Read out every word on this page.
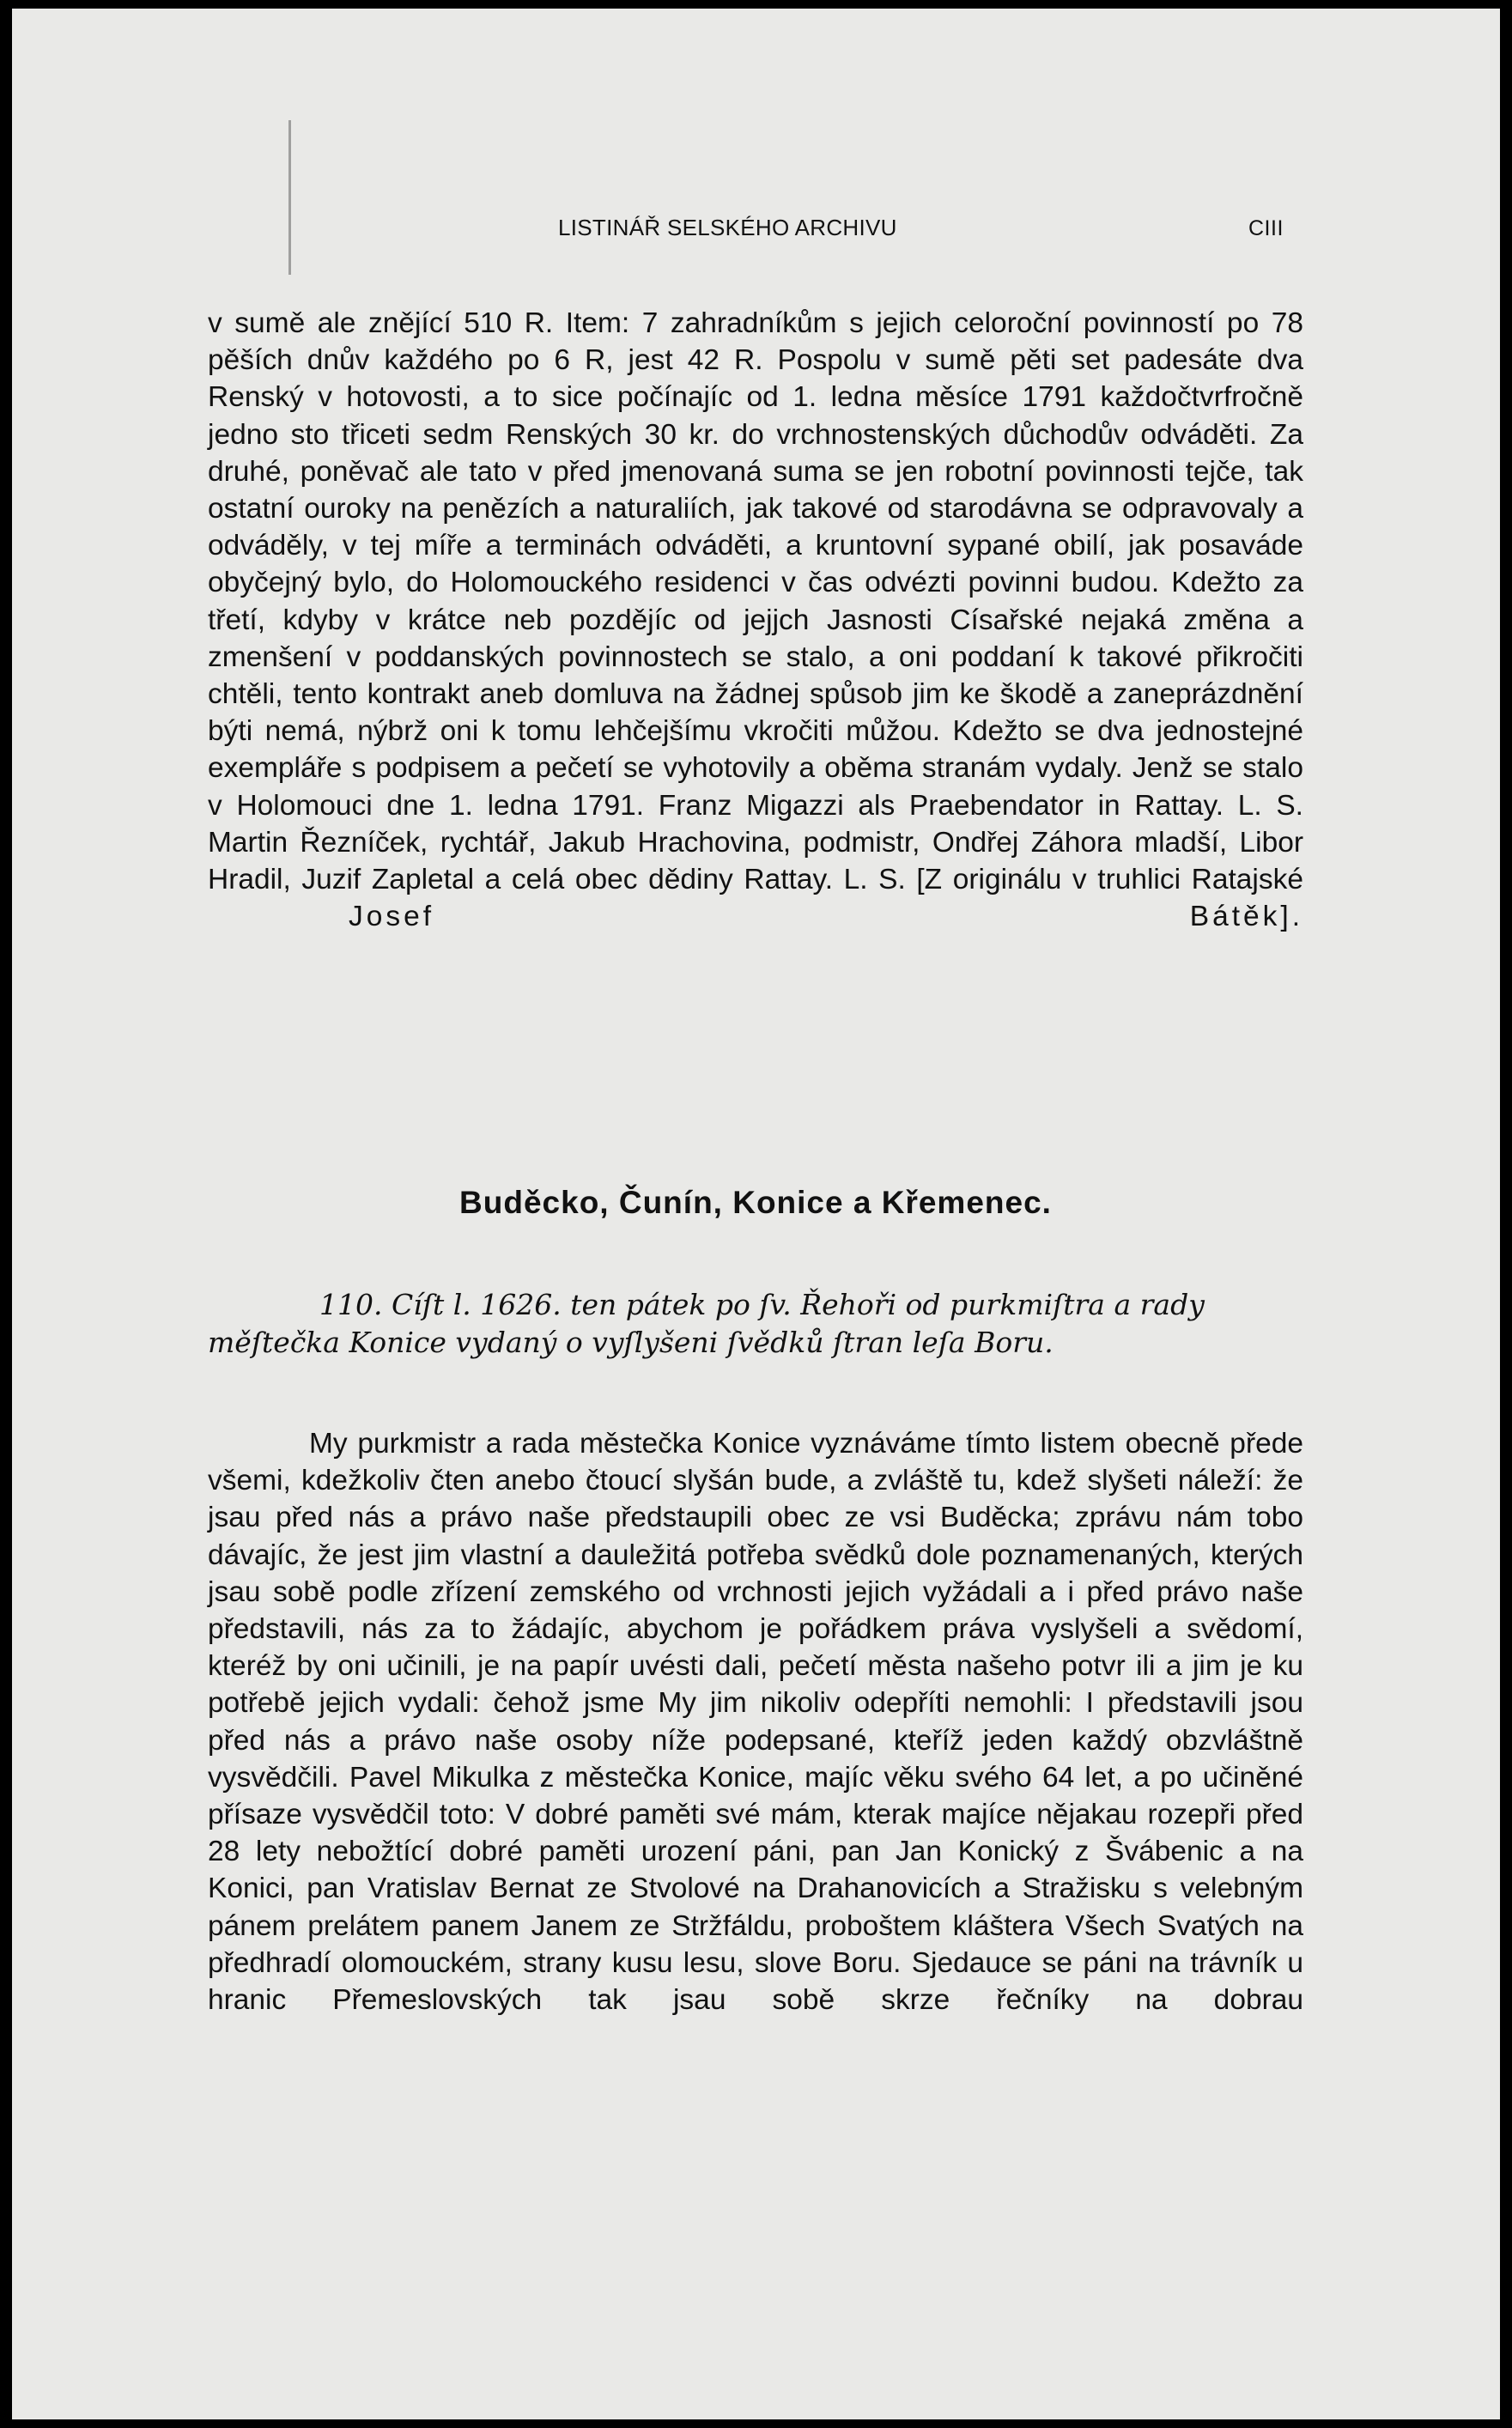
LISTINÁŘ SELSKÉHO ARCHIVU	CIII

v sumě ale znějící 510 R. Item: 7 zahradníkům s jejich celoroční povinností po 78 pěších dnův každého po 6 R, jest 42 R. Pospolu v sumě pěti set padesáte dva Renský v hotovosti, a to sice počínajíc od 1. ledna měsíce 1791 každočtvrfročně jedno sto třiceti sedm Renských 30 kr. do vrchnostenských důchodův odváděti. Za druhé, poněvač ale tato v před jmenovaná suma se jen robotní povinnosti tejče, tak ostatní ouroky na penězích a naturaliích, jak takové od starodávna se odpravovaly a odváděly, v tej míře a terminách odváděti, a kruntovní sypané obilí, jak posaváde obyčejný bylo, do Holomouckého residenci v čas odvézti povinni budou. Kdežto za třetí, kdyby v krátce neb pozdějíc od jejjch Jasnosti Císařské nejaká změna a zmenšení v poddanských povinnostech se stalo, a oni poddaní k takové přikročiti chtěli, tento kontrakt aneb domluva na žádnej spůsob jim ke škodě a zaneprázdnění býti nemá, nýbrž oni k tomu lehčejšímu vkročiti můžou. Kdežto se dva jednostejné exempláře s podpisem a pečetí se vyhotovily a oběma stranám vydaly. Jenž se stalo v Holomouci dne 1. ledna 1791. Franz Migazzi als Praebendator in Rattay. L. S. Martin Řezníček, rychtář, Jakub Hrachovina, podmistr, Ondřej Záhora mladší, Libor Hradil, Juzif Zapletal a celá obec dědiny Rattay. L. S. [Z originálu v truhlici RatajskéJosef Bátěk].

Buděcko, Čunín, Konice a Křemenec.
110. Cíſt l. 1626. ten pátek po ſv. Řehoři od purkmiſtra a rady
měſtečka Konice vydaný o vyſlyšeni ſvědků ſtran leſa Boru.

My purkmistr a rada městečka Konice vyznáváme tímto listem obecně přede všemi, kdežkoliv čten anebo čtoucí slyšán bude, a zvláště tu, kdež slyšeti náleží: že jsau před nás a právo naše předstaupili obec ze vsi Buděcka; zprávu nám tobo dávajíc, že jest jim vlastní a dauležitá potřeba svědků dole poznamenaných, kterých jsau sobě podle zřízení zemského od vrchnosti jejich vyžádali a i před právo naše představili, nás za to žádajíc, abychom je pořádkem práva vyslyšeli a svědomí, kteréž by oni učinili, je na papír uvésti dali, pečetí města našeho potvr ili a jim je ku potřebě jejich vydali: čehož jsme My jim nikoliv odepříti nemohli: I představili jsou před nás a právo naše osoby níže podepsané, kteříž jeden každý obzvláštně vysvědčili. Pavel Mikulka z městečka Konice, majíc věku svého 64 let, a po učiněné přísaze vysvědčil toto: V dobré paměti své mám, kterak majíce nějakau rozepři před 28 lety nebožtící dobré paměti urození páni, pan Jan Konický z Švábenic a na Konici, pan Vratislav Bernat ze Stvolové na Drahanovicích a Stražisku s velebným pánem prelátem panem Janem ze Stržfáldu, proboštem kláštera Všech Svatých na předhradí olomouckém, strany kusu lesu, slove Boru. Sjedauce se páni na trávník u hranic Přemeslovských tak jsau sobě skrze řečníky na dobrau
